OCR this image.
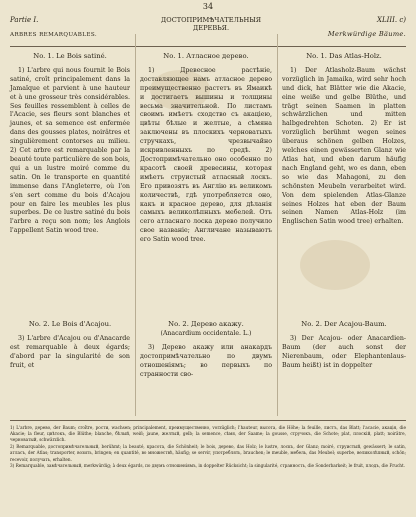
34
Partie I.
ARBRES REMARQUABLES.
ДОСТОПРИМѢЧАТЕЛЬНЫЯ ДЕРЕВЬЯ.
XLIII. c)
Merkwürdige Bäume.
No. 1. Le Bois satiné.

1) L'arbre qui nous fournit le Bois satiné, croît principalement dans la Jamaïque et parvient à une hauteur et à une grosseur très considérables. Ses feuilles ressemblent à celles de l'Acacie, ses fleurs sont blanches et jaunes, et sa semence est enfermée dans des gousses plates, noirâtres et singulièrement contorses au milieu. 2) Cet arbre est remarquable par la beauté toute particulière de son bois, qui a un lustre moiré comme du satin. On le transporte en quantité immense dans l'Angleterre, où l'on s'en sert comme du bois d'Acajou pour en faire les meubles les plus superbes. De ce lustre satiné du bois l'arbre a reçu son nom; les Anglois l'appellent Satin wood tree.

No. 1. Атласное дерево.

1) Древесное растѣніе, доставляющее намъ атласное дерево преимущественно растетъ въ Ямаикѣ и достигаетъ вышины и толщины весьма значительной. По листамъ своимъ имѣетъ сходство съ акаціею, цвѣты бѣлые и желтые, а сѣмяна заключены въ плоскихъ черноватыхъ стручкахъ, чрезвычайно искривленныхъ по средѣ. 2) Достопримѣчательно оно особенно по красотѣ своей древесины, которая имѣетъ струистый атласный лоскъ. Его привозятъ въ Англію въ великомъ количествѣ, гдѣ употребляется оно, какъ и красное дерево, для дѣланія самыхъ великолѣпныхъ мебелей. Отъ сего атласнаго лоска дерево получило свое названіе; Англичане называютъ его Satin wood tree.

No. 1. Das Atlas-Holz.

1) Der Atlasholz-Baum wächst vorzüglich in Jamaika, wird sehr hoch und dick, hat Blätter wie die Akacie, eine weiße und gelbe Blüthe, und trägt seinen Saamen in platten schwärzlichen und mitten halbgedrehten Schoten. 2) Er ist vorzüglich berühmt wegen seines überaus schönen gelben Holzes, welches einen gewässerten Glanz wie Atlas hat, und eben darum häufig nach England geht, wo es dann, eben so wie das Mahagoni, zu den schönsten Meubeln verarbeitet wird. Von dem spielenden Atlas-Glanze seines Holzes hat eben der Baum seinen Namen Atlas-Holz (im Englischen Satin wood tree) erhalten.

No. 2. Le Bois d'Acajou.

3) L'arbre d'Acajou ou d'Anacarde est remarquable à deux égards; d'abord par la singularité de son fruit, et

No. 2. Дерево акажу.
(Anacardium occidentale. L.)

3) Дерево акажу или анакардъ достопримѣчательно по двумъ отношеніямъ; во первыхъ по странности сво-

No. 2. Der Acajou-Baum.

3) Der Acajou- oder Anacardien-Baum (der auch sonst der Nierenbaum, oder Elephantenlaus-Baum heißt) ist in doppelter

1) L'arbre, дерево, der Baum; croître, рости, wachsen; principalement, преимущественно, vorzüglich; l'hauteur, высота, die Höhe; la feuille, листъ, das Blatt; l'acacie, акація, die Akacie; la fleur, цвѣтокъ, die Blüthe; blanche, бѣлый, weiß; jaune, желтый, gelb; la semence, сѣмя, der Saame; la gousse, стручокъ, die Schote; plat, плоскій, platt; noirâtre, черноватый, schwärzlich.

2) Remarquable, достопримѣчательный, berühmt; la beauté, красота, die Schönheit; le bois, дерево, das Holz; le lustre, лоскъ, der Glanz; moiré, струистый, gewässert; le satin, атласъ, der Atlas; transporter, возить, bringen; en quantité, во множествѣ, häufig; se servir, употреблять, brauchen; le meuble, мебель, das Meubel; superbe, великолѣпный, schön; recevoir, получать, erhalten.

3) Remarquable, замѣчательный, merkwürdig; à deux égards, по двумъ отношеніямъ, in doppelter Rücksicht; la singularité, странность, die Sonderbarkeit; le fruit, плодъ, die Frucht.
